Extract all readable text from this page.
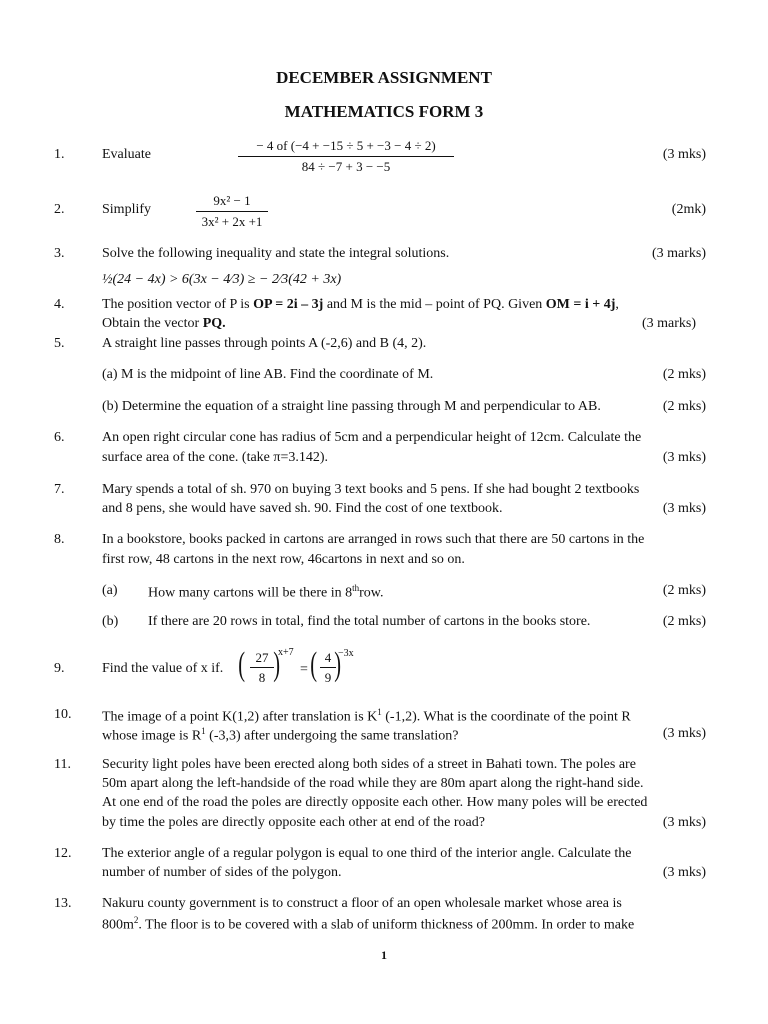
DECEMBER ASSIGNMENT
MATHEMATICS FORM 3
1.	Evaluate	$\frac{- 4 of (-4 + -15 \div 5 + -3 - 4 \div 2)}{84 \div -7 + 3 - -5}$	(3 mks)
2.	Simplify	$\frac{\text{9x² − 1}}{\text{3x² + 2x +1}}$	(2mk)
3.	Solve the following inequality and state the integral solutions.	(3 marks)
½(24 − 4x) > 6(3x − 4⁄3) ≥ − 2⁄3(42 + 3x)
4.	The position vector of P is OP = 2i – 3j and M is the mid – point of PQ. Given OM = i + 4j,
Obtain the vector PQ.	(3 marks)
5.	A straight line passes through points A (-2,6) and B (4, 2).
(a) M is the midpoint of line AB. Find the coordinate of M.	(2 mks)
(b) Determine the equation of a straight line passing through M and perpendicular to AB.	(2 mks)
6.	An open right circular cone has radius of 5cm and a perpendicular height of 12cm. Calculate the
surface area of the cone. (take π=3.142).	(3 mks)
7.	Mary spends a total of sh. 970 on buying 3 text books and 5 pens. If she had bought 2 textbooks
and 8 pens, she would have saved sh. 90. Find the cost of one textbook.	(3 mks)
8.	In a bookstore, books packed in cartons are arranged in rows such that there are 50 cartons in the
first row, 48 cartons in the next row, 46cartons in next and so on.
(a) How many cartons will be there in 8throw.	(2 mks)
(b) If there are 20 rows in total, find the total number of cartons in the books store.	(2 mks)
9.	Find the value of x if. ( $\frac{27}{8}$ )
x+7
= ( $\frac{4}{9}$
)
−3x
10. The image of a point K(1,2) after translation is $K^1$ (-1,2). What is the coordinate of the point R
whose image is $R^1$ (-3,3) after undergoing the same translation?	(3 mks)
11. Security light poles have been erected along both sides of a street in Bahati town. The poles are
50m apart along the left-handside of the road while they are 80m apart along the right-hand side.
At one end of the road the poles are directly opposite each other. How many poles will be erected
by time the poles are directly opposite each other at end of the road?	(3 mks)
12. The exterior angle of a regular polygon is equal to one third of the interior angle. Calculate the
number of number of sides of the polygon.	(3 mks)
13. Nakuru county government is to construct a floor of an open wholesale market whose area is
$800m^2$. The floor is to be covered with a slab of uniform thickness of 200mm. In order to make
1
